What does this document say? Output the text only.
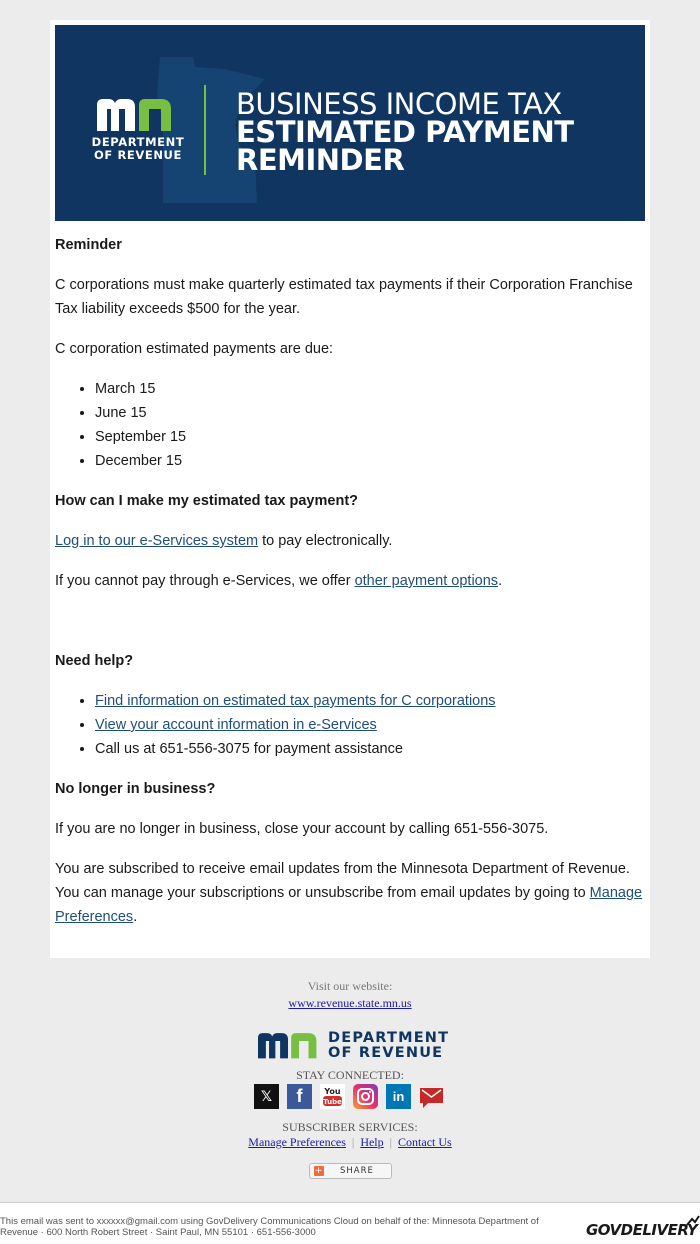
DEPARTMENT
OF REVENUE
BUSINESS INCOME TAX
ESTIMATED PAYMENT
REMINDER
Reminder

C corporations must make quarterly estimated tax payments if their Corporation Franchise Tax liability exceeds $500 for the year.

C corporation estimated payments are due:

• March 15
• June 15
• September 15
• December 15
How can I make my estimated tax payment?

Log in to our e-Services system to pay electronically.

If you cannot pay through e-Services, we offer other payment options.

Need help?
• Find information on estimated tax payments for C corporations
• View your account information in e-Services
• Call us at 651-556-3075 for payment assistance
No longer in business?

If you are no longer in business, close your account by calling 651-556-3075.

You are subscribed to receive email updates from the Minnesota Department of Revenue. You can manage your subscriptions or unsubscribe from email updates by going to Manage Preferences.

Visit our website:
www.revenue.state.mn.us
DEPARTMENT
OF REVENUE
STAY CONNECTED:
𝕏	f	You
Tube	in
SUBSCRIBER SERVICES:
Manage Preferences | Help | Contact Us
+ SHARE
This email was sent to xxxxxx@gmail.com using GovDelivery Communications Cloud on behalf of the: Minnesota Department of Revenue · 600 North Robert Street · Saint Paul, MN 55101 · 651-556-3000	GOVDELIVERY
